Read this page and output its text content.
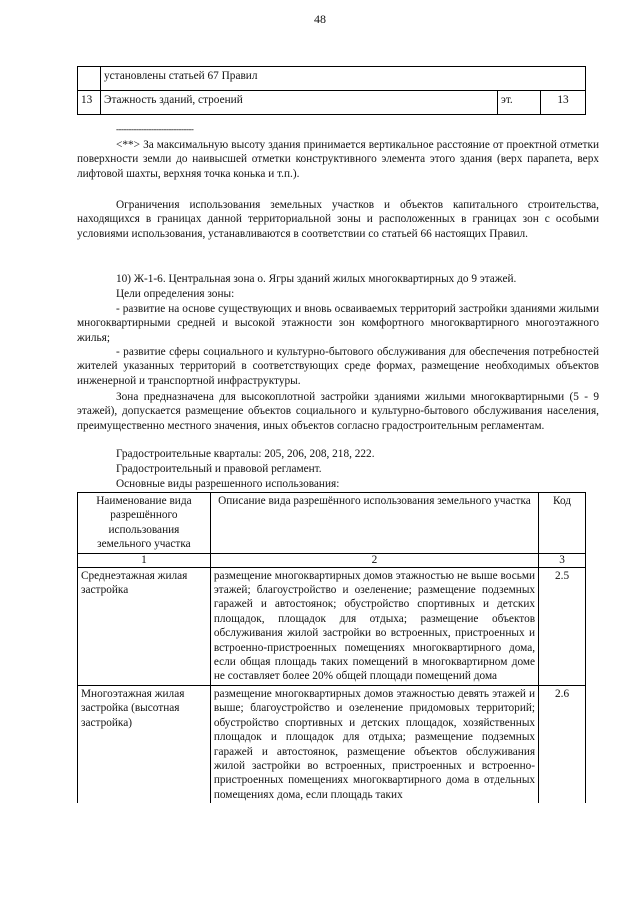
48
	установлены статьей 67 Правил		
13	Этажность зданий, строений	эт.	13
-------------------------------

<**> За максимальную высоту здания принимается вертикальное расстояние от проектной отметки поверхности земли до наивысшей отметки конструктивного элемента этого здания (верх парапета, верх лифтовой шахты, верхняя точка конька и т.п.).

Ограничения использования земельных участков и объектов капитального строительства, находящихся в границах данной территориальной зоны и расположенных в границах зон с особыми условиями использования, устанавливаются в соответствии со статьей 66 настоящих Правил.

10) Ж-1-6. Центральная зона о. Ягры зданий жилых многоквартирных до 9 этажей.

Цели определения зоны:

- развитие на основе существующих и вновь осваиваемых территорий застройки зданиями жилыми многоквартирными средней и высокой этажности зон комфортного многоквартирного многоэтажного жилья;

- развитие сферы социального и культурно-бытового обслуживания для обеспечения потребностей жителей указанных территорий в соответствующих среде формах, размещение необходимых объектов инженерной и транспортной инфраструктуры.

Зона предназначена для высокоплотной застройки зданиями жилыми многоквартирными (5 - 9 этажей), допускается размещение объектов социального и культурно-бытового обслуживания населения, преимущественно местного значения, иных объектов согласно градостроительным регламентам.

Градостроительные кварталы: 205, 206, 208, 218, 222.

Градостроительный и правовой регламент.

Основные виды разрешенного использования:

Наименование вида разрешённого использования земельного участка	Описание вида разрешённого использования земельного участка	Код
1	2	3
Среднеэтажная жилая застройка	размещение многоквартирных домов этажностью не выше восьми этажей; благоустройство и озеленение; размещение подземных гаражей и автостоянок; обустройство спортивных и детских площадок, площадок для отдыха; размещение объектов обслуживания жилой застройки во встроенных, пристроенных и встроенно-пристроенных помещениях многоквартирного дома, если общая площадь таких помещений в многоквартирном доме не составляет более 20% общей площади помещений дома	2.5
Многоэтажная жилая застройка (высотная застройка)	размещение многоквартирных домов этажностью девять этажей и выше; благоустройство и озеленение придомовых территорий; обустройство спортивных и детских площадок, хозяйственных площадок и площадок для отдыха; размещение подземных гаражей и автостоянок, размещение объектов обслуживания жилой застройки во встроенных, пристроенных и встроенно-пристроенных помещениях многоквартирного дома в отдельных помещениях дома, если площадь таких	2.6
